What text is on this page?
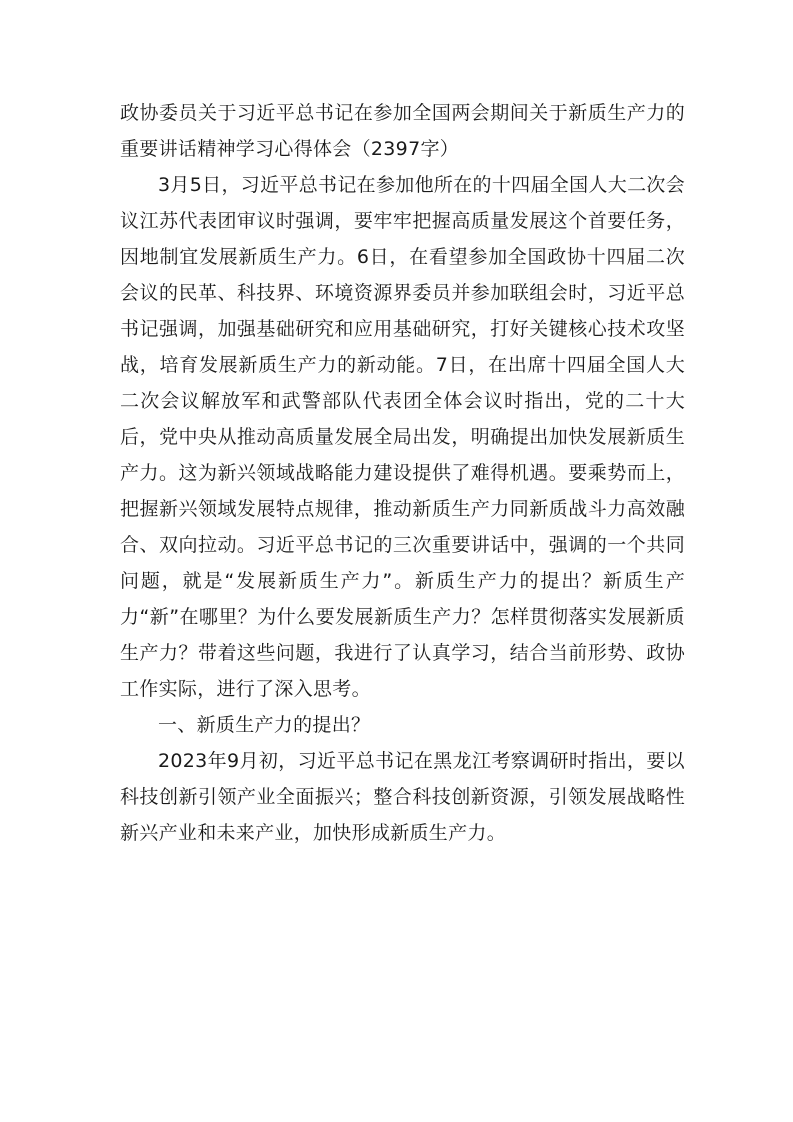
政协委员关于习近平总书记在参加全国两会期间关于新质生产力的重要讲话精神学习心得体会（2397字）

3月5日，习近平总书记在参加他所在的十四届全国人大二次会议江苏代表团审议时强调，要牢牢把握高质量发展这个首要任务，因地制宜发展新质生产力。6日，在看望参加全国政协十四届二次会议的民革、科技界、环境资源界委员并参加联组会时，习近平总书记强调，加强基础研究和应用基础研究，打好关键核心技术攻坚战，培育发展新质生产力的新动能。7日，在出席十四届全国人大二次会议解放军和武警部队代表团全体会议时指出，党的二十大后，党中央从推动高质量发展全局出发，明确提出加快发展新质生产力。这为新兴领域战略能力建设提供了难得机遇。要乘势而上，把握新兴领域发展特点规律，推动新质生产力同新质战斗力高效融合、双向拉动。习近平总书记的三次重要讲话中，强调的一个共同问题，就是“发展新质生产力”。新质生产力的提出？新质生产力“新”在哪里？为什么要发展新质生产力？怎样贯彻落实发展新质生产力？带着这些问题，我进行了认真学习，结合当前形势、政协工作实际，进行了深入思考。

一、新质生产力的提出？

2023年9月初，习近平总书记在黑龙江考察调研时指出，要以科技创新引领产业全面振兴；整合科技创新资源，引领发展战略性新兴产业和未来产业，加快形成新质生产力。
